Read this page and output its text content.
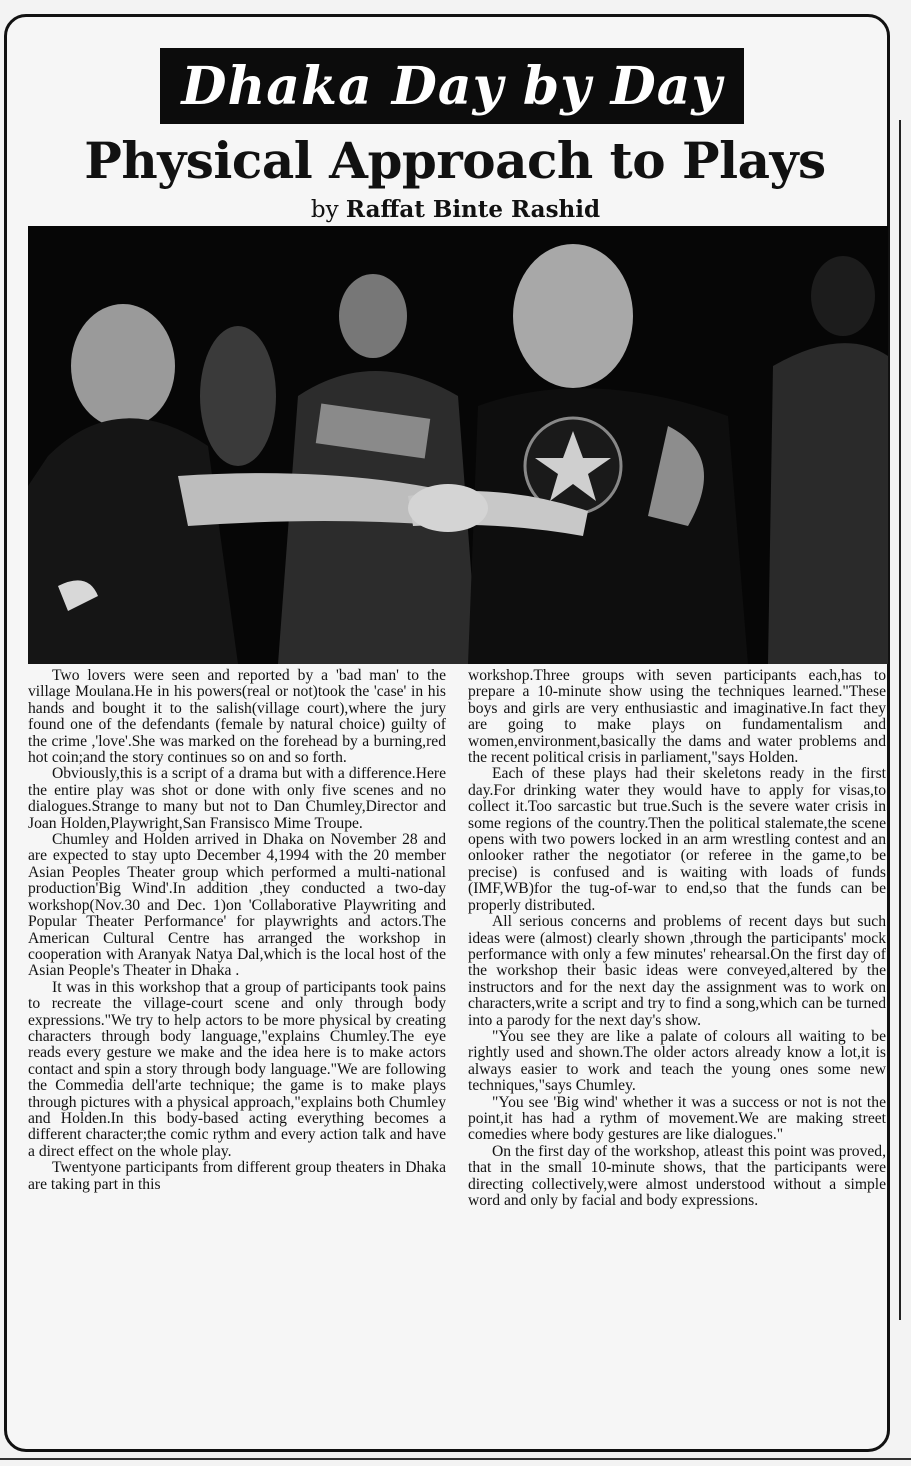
Dhaka Day by Day
Physical Approach to Plays
by Raffat Binte Rashid

Two lovers were seen and reported by a 'bad man' to the village Moulana.He in his powers(real or not)took the 'case' in his hands and bought it to the salish(village court),where the jury found one of the defendants (female by natural choice) guilty of the crime ,'love'.She was marked on the forehead by a burning,red hot coin;and the story continues so on and so forth.

Obviously,this is a script of a drama but with a difference.Here the entire play was shot or done with only five scenes and no dialogues.Strange to many but not to Dan Chumley,Director and Joan Holden,Playwright,San Fransisco Mime Troupe.

Chumley and Holden arrived in Dhaka on November 28 and are expected to stay upto December 4,1994 with the 20 member Asian Peoples Theater group which performed a multi-national production'Big Wind'.In addition ,they conducted a two-day workshop(Nov.30 and Dec. 1)on 'Collaborative Playwriting and Popular Theater Performance' for playwrights and actors.The American Cultural Centre has arranged the workshop in cooperation with Aranyak Natya Dal,which is the local host of the Asian People's Theater in Dhaka .

It was in this workshop that a group of participants took pains to recreate the village-court scene and only through body expressions."We try to help actors to be more physical by creating characters through body language,"explains Chumley.The eye reads every gesture we make and the idea here is to make actors contact and spin a story through body language."We are following the Commedia dell'arte technique; the game is to make plays through pictures with a physical approach,"explains both Chumley and Holden.In this body-based acting everything becomes a different character;the comic rythm and every action talk and have a direct effect on the whole play.

Twentyone participants from different group theaters in Dhaka are taking part in this

workshop.Three groups with seven participants each,has to prepare a 10-minute show using the techniques learned."These boys and girls are very enthusiastic and imaginative.In fact they are going to make plays on fundamentalism and women,environment,basically the dams and water problems and the recent political crisis in parliament,"says Holden.

Each of these plays had their skeletons ready in the first day.For drinking water they would have to apply for visas,to collect it.Too sarcastic but true.Such is the severe water crisis in some regions of the country.Then the political stalemate,the scene opens with two powers locked in an arm wrestling contest and an onlooker rather the negotiator (or referee in the game,to be precise) is confused and is waiting with loads of funds (IMF,WB)for the tug-of-war to end,so that the funds can be properly distributed.

All serious concerns and problems of recent days but such ideas were (almost) clearly shown ,through the participants' mock performance with only a few minutes' rehearsal.On the first day of the workshop their basic ideas were conveyed,altered by the instructors and for the next day the assignment was to work on characters,write a script and try to find a song,which can be turned into a parody for the next day's show.

"You see they are like a palate of colours all waiting to be rightly used and shown.The older actors already know a lot,it is always easier to work and teach the young ones some new techniques,"says Chumley.

"You see 'Big wind' whether it was a success or not is not the point,it has had a rythm of movement.We are making street comedies where body gestures are like dialogues."

On the first day of the workshop, atleast this point was proved, that in the small 10-minute shows, that the participants were directing collectively,were almost understood without a simple word and only by facial and body expressions.
